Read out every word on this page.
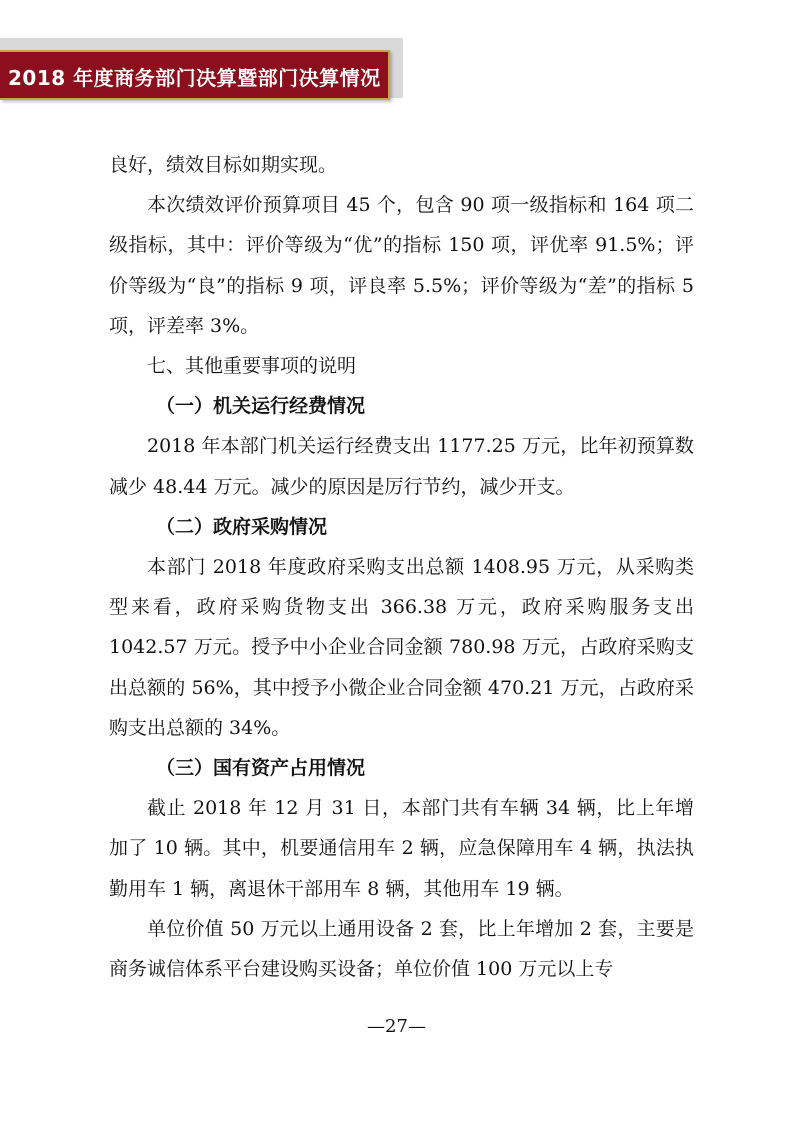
2018 年度商务部门决算暨部门决算情况

良好，绩效目标如期实现。

本次绩效评价预算项目 45 个，包含 90 项一级指标和 164 项二级指标，其中：评价等级为“优”的指标 150 项，评优率 91.5%；评价等级为“良”的指标 9 项，评良率 5.5%；评价等级为“差”的指标 5 项，评差率 3%。

七、其他重要事项的说明

（一）机关运行经费情况

2018 年本部门机关运行经费支出 1177.25 万元，比年初预算数减少 48.44 万元。减少的原因是厉行节约，减少开支。

（二）政府采购情况

本部门 2018 年度政府采购支出总额 1408.95 万元，从采购类型来看，政府采购货物支出 366.38 万元，政府采购服务支出 1042.57 万元。授予中小企业合同金额 780.98 万元，占政府采购支出总额的 56%，其中授予小微企业合同金额 470.21 万元，占政府采购支出总额的 34%。

（三）国有资产占用情况

截止 2018 年 12 月 31 日，本部门共有车辆 34 辆，比上年增加了 10 辆。其中，机要通信用车 2 辆，应急保障用车 4 辆，执法执勤用车 1 辆，离退休干部用车 8 辆，其他用车 19 辆。

单位价值 50 万元以上通用设备 2 套，比上年增加 2 套，主要是商务诚信体系平台建设购买设备；单位价值 100 万元以上专

—27—
